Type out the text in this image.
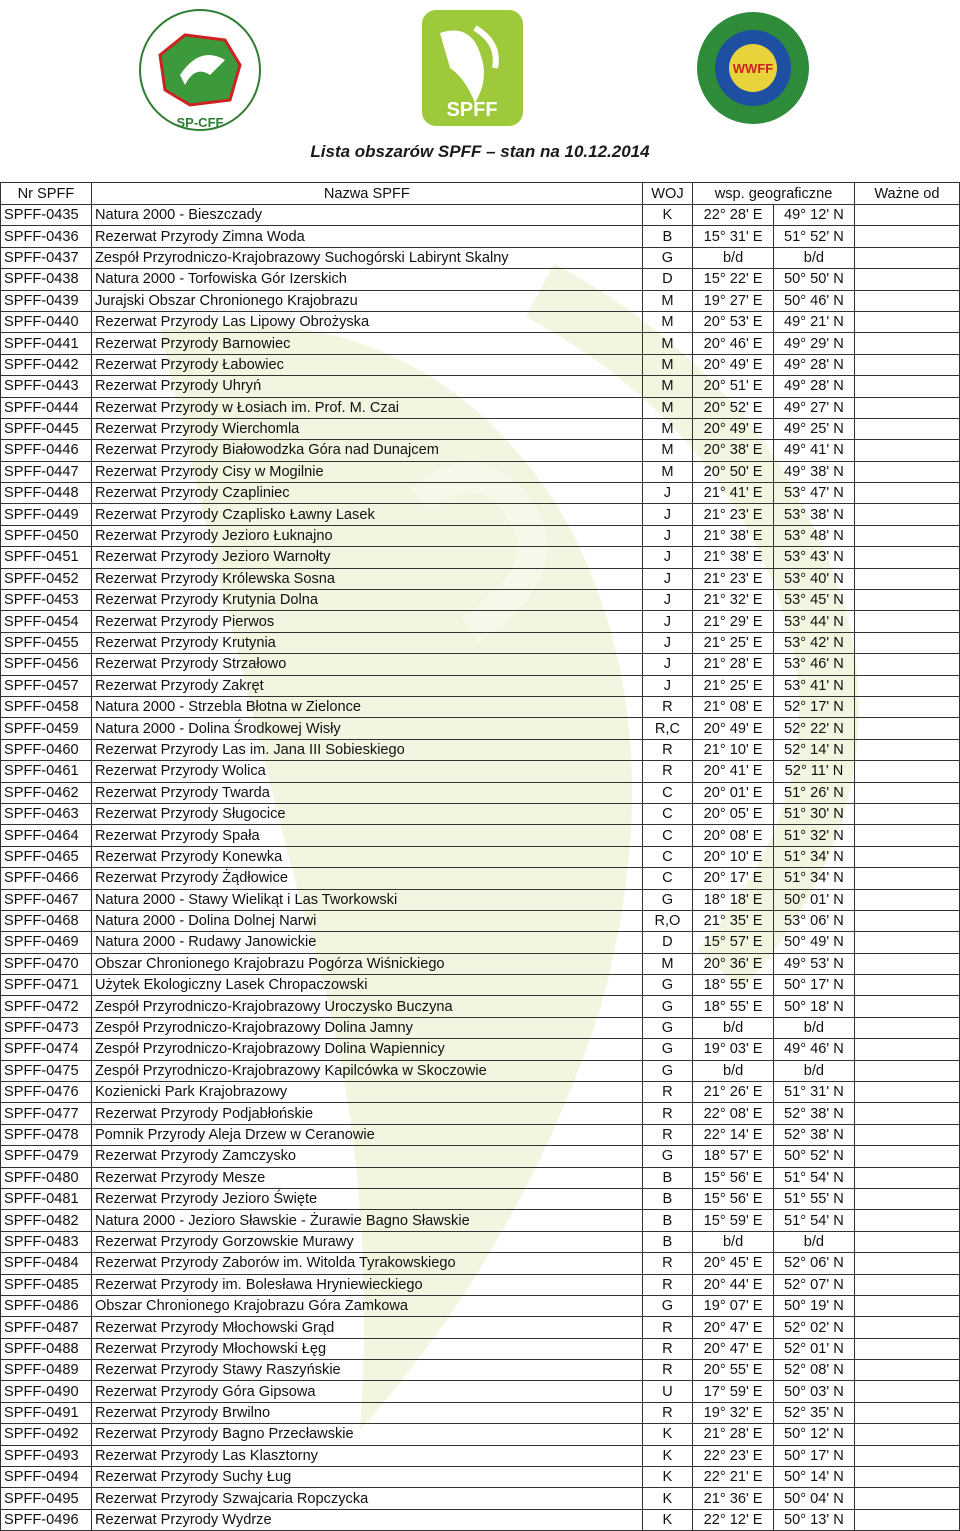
SP-CFF
SPFF
WWFF
Lista obszarów SPFF – stan na 10.12.2014
Nr SPFF	Nazwa SPFF	WOJ	wsp. geograficzne		Ważne od
SPFF-0435	Natura 2000 - Bieszczady	K	22° 28' E	49° 12' N	
SPFF-0436	Rezerwat Przyrody Zimna Woda	B	15° 31' E	51° 52' N	
SPFF-0437	Zespół Przyrodniczo-Krajobrazowy Suchogórski Labirynt Skalny	G	b/d	b/d	
SPFF-0438	Natura 2000 - Torfowiska Gór Izerskich	D	15° 22' E	50° 50' N	
SPFF-0439	Jurajski Obszar Chronionego Krajobrazu	M	19° 27' E	50° 46' N	
SPFF-0440	Rezerwat Przyrody Las Lipowy Obrożyska	M	20° 53' E	49° 21' N	
SPFF-0441	Rezerwat Przyrody Barnowiec	M	20° 46' E	49° 29' N	
SPFF-0442	Rezerwat Przyrody Łabowiec	M	20° 49' E	49° 28' N	
SPFF-0443	Rezerwat Przyrody Uhryń	M	20° 51' E	49° 28' N	
SPFF-0444	Rezerwat Przyrody w Łosiach im. Prof. M. Czai	M	20° 52' E	49° 27' N	
SPFF-0445	Rezerwat Przyrody Wierchomla	M	20° 49' E	49° 25' N	
SPFF-0446	Rezerwat Przyrody Białowodzka Góra nad Dunajcem	M	20° 38' E	49° 41' N	
SPFF-0447	Rezerwat Przyrody Cisy w Mogilnie	M	20° 50' E	49° 38' N	
SPFF-0448	Rezerwat Przyrody Czapliniec	J	21° 41' E	53° 47' N	
SPFF-0449	Rezerwat Przyrody Czaplisko Ławny Lasek	J	21° 23' E	53° 38' N	
SPFF-0450	Rezerwat Przyrody Jezioro Łuknajno	J	21° 38' E	53° 48' N	
SPFF-0451	Rezerwat Przyrody Jezioro Warnołty	J	21° 38' E	53° 43' N	
SPFF-0452	Rezerwat Przyrody Królewska Sosna	J	21° 23' E	53° 40' N	
SPFF-0453	Rezerwat Przyrody Krutynia Dolna	J	21° 32' E	53° 45' N	
SPFF-0454	Rezerwat Przyrody Pierwos	J	21° 29' E	53° 44' N	
SPFF-0455	Rezerwat Przyrody Krutynia	J	21° 25' E	53° 42' N	
SPFF-0456	Rezerwat Przyrody Strzałowo	J	21° 28' E	53° 46' N	
SPFF-0457	Rezerwat Przyrody Zakręt	J	21° 25' E	53° 41' N	
SPFF-0458	Natura 2000 - Strzebla Błotna w Zielonce	R	21° 08' E	52° 17' N	
SPFF-0459	Natura 2000 - Dolina Środkowej Wisły	R,C	20° 49' E	52° 22' N	
SPFF-0460	Rezerwat Przyrody Las im. Jana III Sobieskiego	R	21° 10' E	52° 14' N	
SPFF-0461	Rezerwat Przyrody Wolica	R	20° 41' E	52° 11' N	
SPFF-0462	Rezerwat Przyrody Twarda	C	20° 01' E	51° 26' N	
SPFF-0463	Rezerwat Przyrody Sługocice	C	20° 05' E	51° 30' N	
SPFF-0464	Rezerwat Przyrody Spała	C	20° 08' E	51° 32' N	
SPFF-0465	Rezerwat Przyrody Konewka	C	20° 10' E	51° 34' N	
SPFF-0466	Rezerwat Przyrody Żądłowice	C	20° 17' E	51° 34' N	
SPFF-0467	Natura 2000 - Stawy Wielikąt i Las Tworkowski	G	18° 18' E	50° 01' N	
SPFF-0468	Natura 2000 - Dolina Dolnej Narwi	R,O	21° 35' E	53° 06' N	
SPFF-0469	Natura 2000 - Rudawy Janowickie	D	15° 57' E	50° 49' N	
SPFF-0470	Obszar Chronionego Krajobrazu Pogórza Wiśnickiego	M	20° 36' E	49° 53' N	
SPFF-0471	Użytek Ekologiczny Lasek Chropaczowski	G	18° 55' E	50° 17' N	
SPFF-0472	Zespół Przyrodniczo-Krajobrazowy Uroczysko Buczyna	G	18° 55' E	50° 18' N	
SPFF-0473	Zespół Przyrodniczo-Krajobrazowy Dolina Jamny	G	b/d	b/d	
SPFF-0474	Zespół Przyrodniczo-Krajobrazowy Dolina Wapiennicy	G	19° 03' E	49° 46' N	
SPFF-0475	Zespół Przyrodniczo-Krajobrazowy Kapilcówka w Skoczowie	G	b/d	b/d	
SPFF-0476	Kozienicki Park Krajobrazowy	R	21° 26' E	51° 31' N	
SPFF-0477	Rezerwat Przyrody Podjabłońskie	R	22° 08' E	52° 38' N	
SPFF-0478	Pomnik Przyrody Aleja Drzew w Ceranowie	R	22° 14' E	52° 38' N	
SPFF-0479	Rezerwat Przyrody Zamczysko	G	18° 57' E	50° 52' N	
SPFF-0480	Rezerwat Przyrody Mesze	B	15° 56' E	51° 54' N	
SPFF-0481	Rezerwat Przyrody Jezioro Święte	B	15° 56' E	51° 55' N	
SPFF-0482	Natura 2000 - Jezioro Sławskie - Żurawie Bagno Sławskie	B	15° 59' E	51° 54' N	
SPFF-0483	Rezerwat Przyrody Gorzowskie Murawy	B	b/d	b/d	
SPFF-0484	Rezerwat Przyrody Zaborów im. Witolda Tyrakowskiego	R	20° 45' E	52° 06' N	
SPFF-0485	Rezerwat Przyrody im. Bolesława Hryniewieckiego	R	20° 44' E	52° 07' N	
SPFF-0486	Obszar Chronionego Krajobrazu Góra Zamkowa	G	19° 07' E	50° 19' N	
SPFF-0487	Rezerwat Przyrody Młochowski Grąd	R	20° 47' E	52° 02' N	
SPFF-0488	Rezerwat Przyrody Młochowski Łęg	R	20° 47' E	52° 01' N	
SPFF-0489	Rezerwat Przyrody Stawy Raszyńskie	R	20° 55' E	52° 08' N	
SPFF-0490	Rezerwat Przyrody Góra Gipsowa	U	17° 59' E	50° 03' N	
SPFF-0491	Rezerwat Przyrody Brwilno	R	19° 32' E	52° 35' N	
SPFF-0492	Rezerwat Przyrody Bagno Przecławskie	K	21° 28' E	50° 12' N	
SPFF-0493	Rezerwat Przyrody Las Klasztorny	K	22° 23' E	50° 17' N	
SPFF-0494	Rezerwat Przyrody Suchy Ług	K	22° 21' E	50° 14' N	
SPFF-0495	Rezerwat Przyrody Szwajcaria Ropczycka	K	21° 36' E	50° 04' N	
SPFF-0496	Rezerwat Przyrody Wydrze	K	22° 12' E	50° 13' N	
